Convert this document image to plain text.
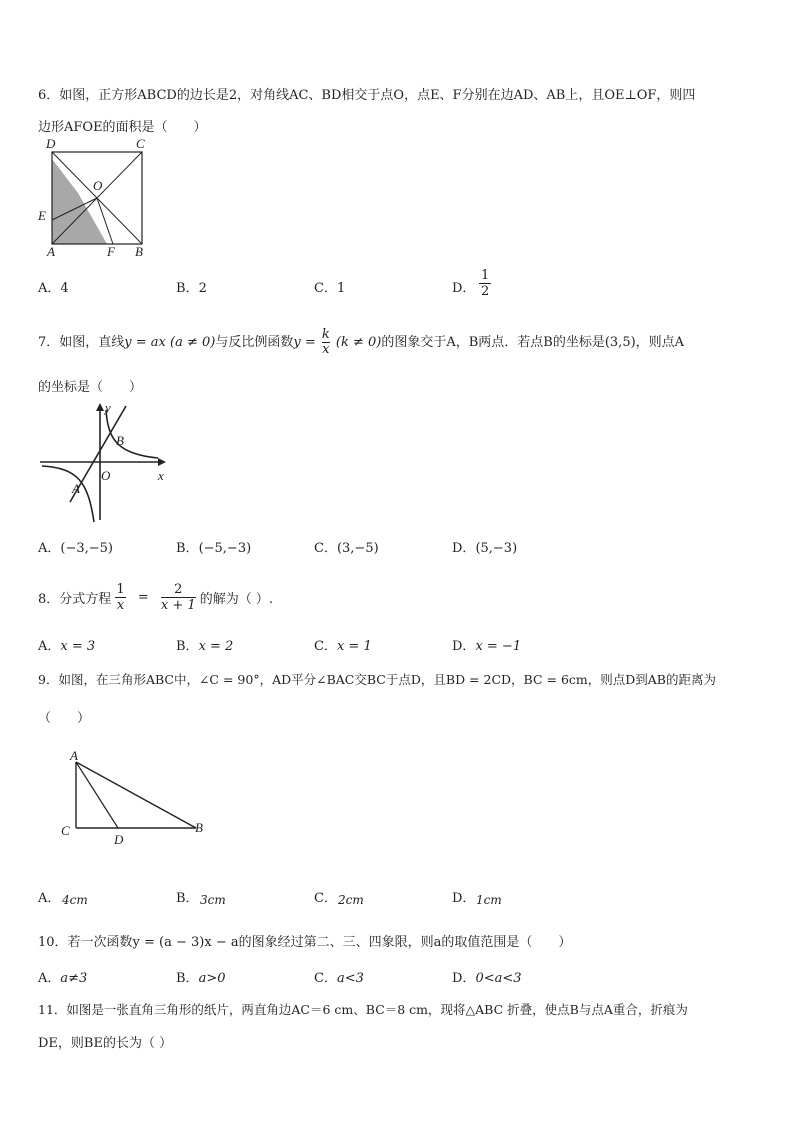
6．如图，正方形ABCD的边长是2，对角线AC、BD相交于点O，点E、F分别在边AD、AB上，且OE⊥OF，则四
边形AFOE的面积是（　　）
D	C
O
E
A	F B
A．4	B．2	C．1	D．
1
2
7．如图，直线y = ax (a ≠ 0)与反比例函数$y = \frac{k}{x} (k \ne 0)$的图象交于A，B两点．若点B的坐标是(3,5)，则点A
的坐标是（　　）
y
x
O
B
A
A．(−3,−5)	B．(−5,−3)	C．(3,−5)	D．(5,−3)
8．分式方程 $\frac{1}{x} = \frac{2}{x + 1}$ 的解为（ ）.
A．x = 3	B．x = 2	C．x = 1	D．x = −1
9．如图，在三角形ABC中，∠C = 90°，AD平分∠BAC交BC于点D，且BD = 2CD，BC = 6cm，则点D到AB的距离为
（　　）
A
C
D
B
A． 4cm	B． 3cm	C． 2cm	D． 1cm
10．若一次函数y = (a − 3)x − a的图象经过第二、三、四象限，则a的取值范围是（　　）
A．a≠3	B．a>0	C．a<3	D．0<a<3
11．如图是一张直角三角形的纸片，两直角边AC＝6 cm、BC＝8 cm，现将△ABC 折叠，使点B与点A重合，折痕为
DE，则BE的长为（ ）
